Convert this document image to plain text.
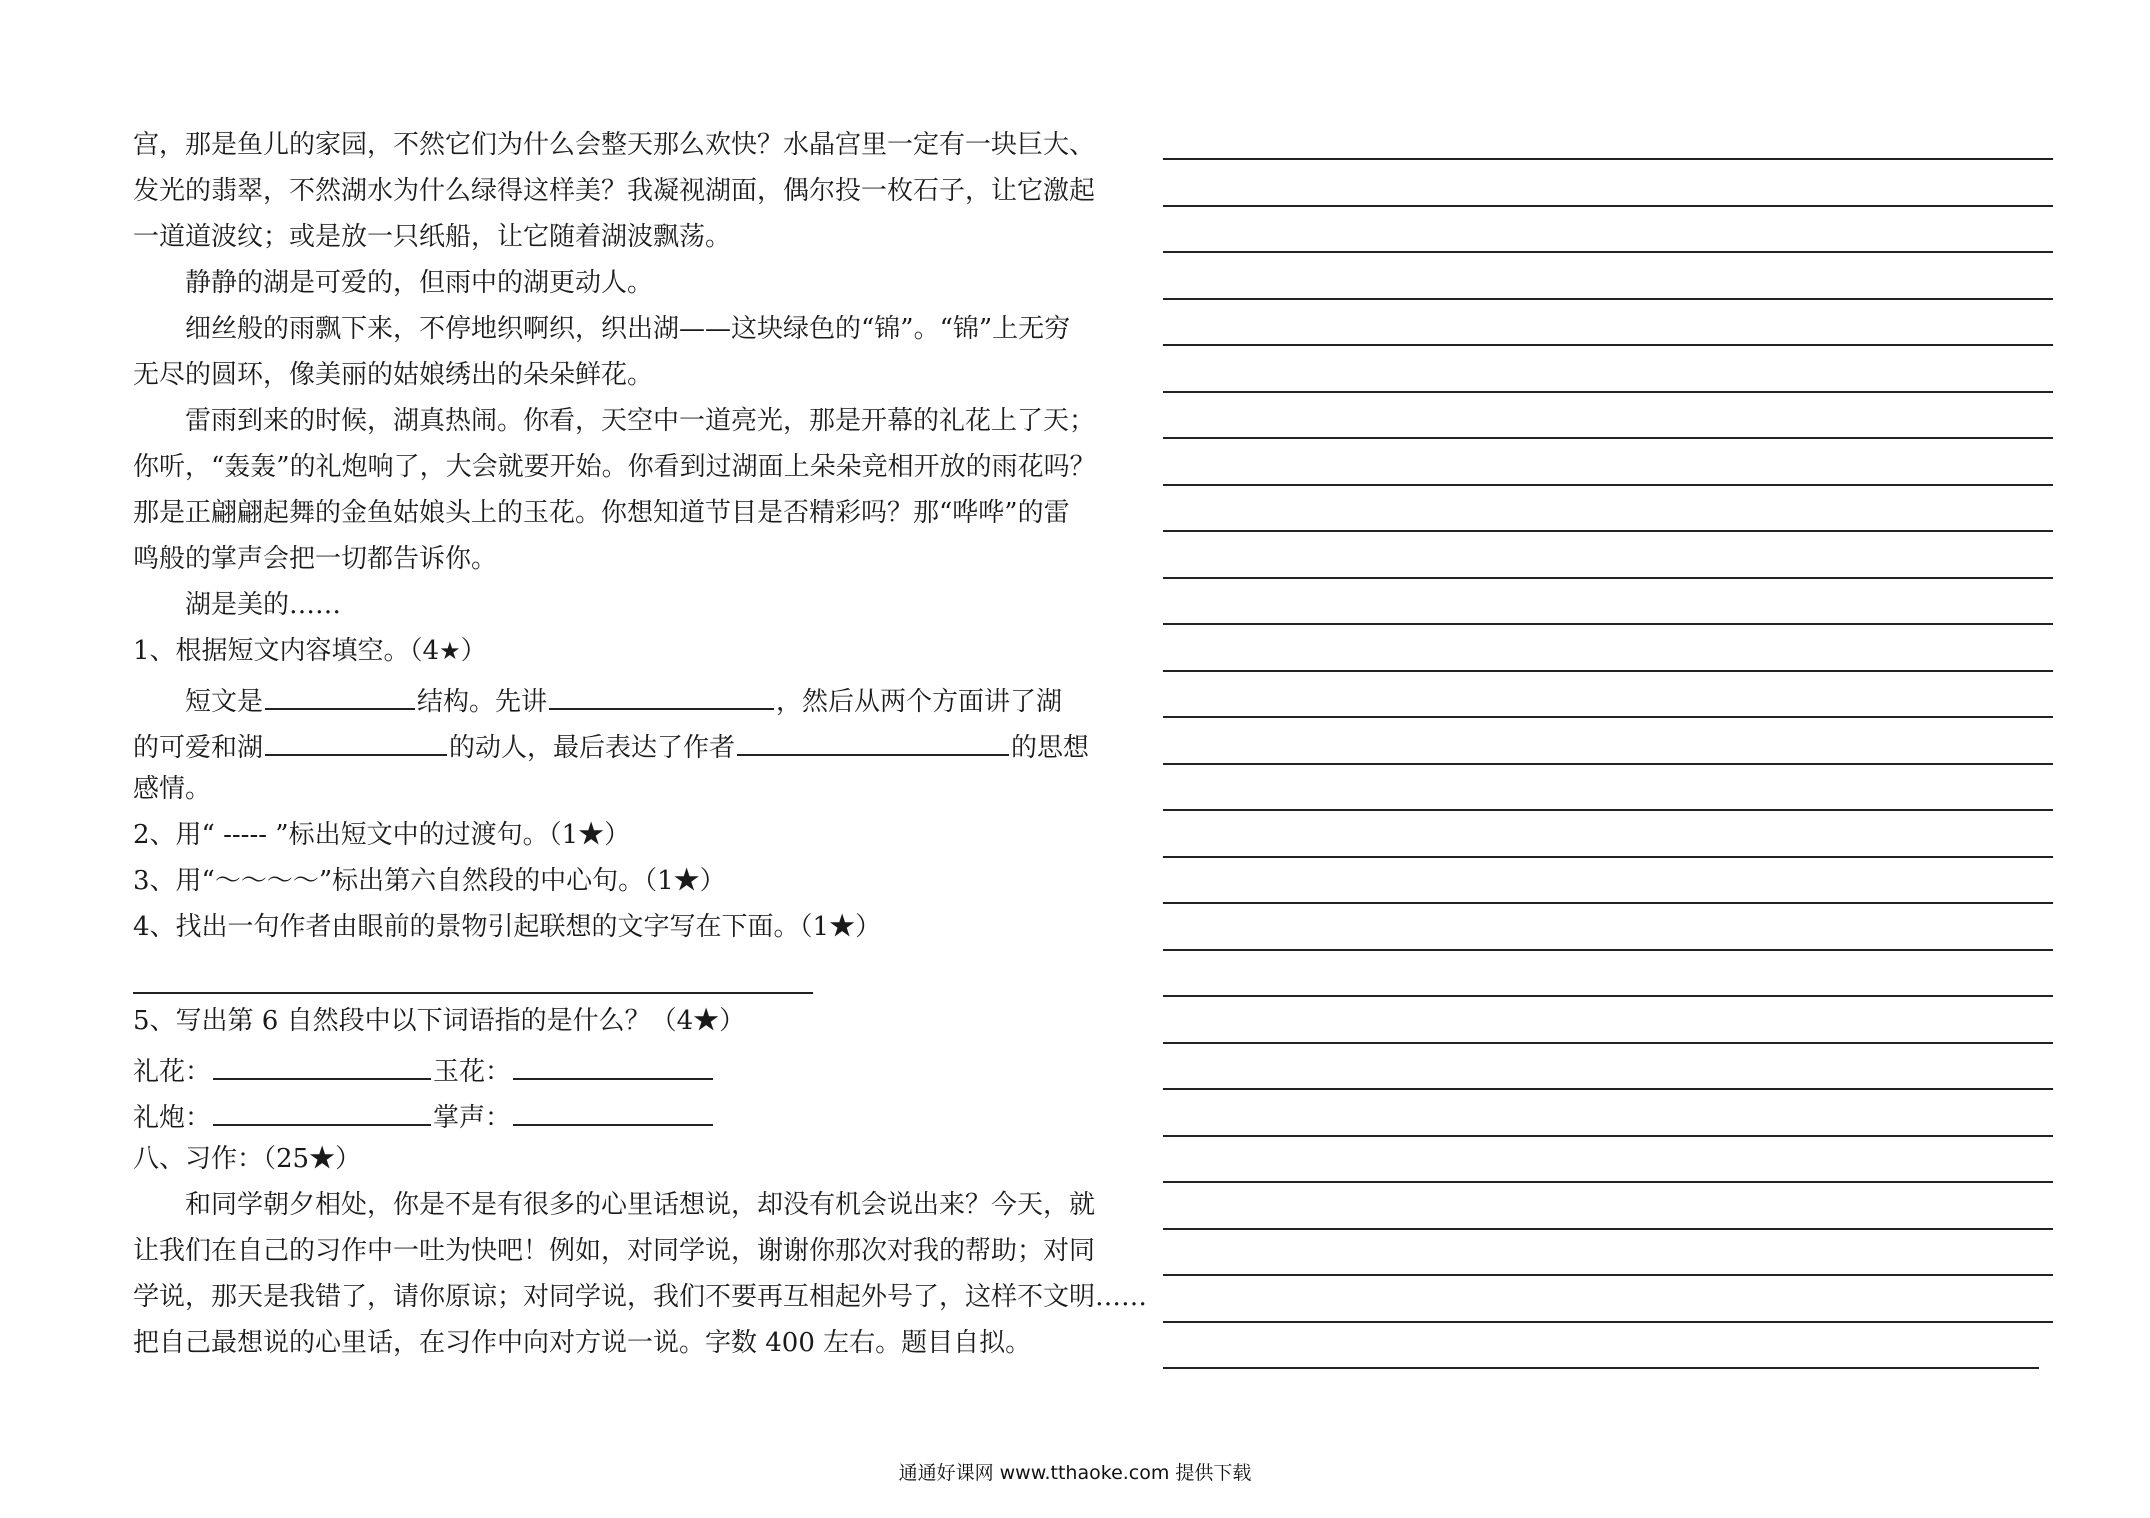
宫，那是鱼儿的家园，不然它们为什么会整天那么欢快？水晶宫里一定有一块巨大、
发光的翡翠，不然湖水为什么绿得这样美？我凝视湖面，偶尔投一枚石子，让它激起
一道道波纹；或是放一只纸船，让它随着湖波飘荡。
静静的湖是可爱的，但雨中的湖更动人。
细丝般的雨飘下来，不停地织啊织，织出湖——这块绿色的“锦”。“锦”上无穷
无尽的圆环，像美丽的姑娘绣出的朵朵鲜花。
雷雨到来的时候，湖真热闹。你看，天空中一道亮光，那是开幕的礼花上了天；
你听，“轰轰”的礼炮响了，大会就要开始。你看到过湖面上朵朵竞相开放的雨花吗？
那是正翩翩起舞的金鱼姑娘头上的玉花。你想知道节目是否精彩吗？那“哗哗”的雷
鸣般的掌声会把一切都告诉你。
湖是美的……
1、根据短文内容填空。（4★）
短文是	结构。先讲	，然后从两个方面讲了湖
的可爱和湖	的动人，最后表达了作者	的思想
感情。
2、用“ ----- ”标出短文中的过渡句。（1★）
3、用“～～～～”标出第六自然段的中心句。（1★）
4、找出一句作者由眼前的景物引起联想的文字写在下面。（1★）
5、写出第 6 自然段中以下词语指的是什么？（4★）
礼花：	玉花：
礼炮：	掌声：
八、习作：（25★）
和同学朝夕相处，你是不是有很多的心里话想说，却没有机会说出来？今天，就
让我们在自己的习作中一吐为快吧！例如，对同学说，谢谢你那次对我的帮助；对同
学说，那天是我错了，请你原谅；对同学说，我们不要再互相起外号了，这样不文明……
把自己最想说的心里话，在习作中向对方说一说。字数 400 左右。题目自拟。
通通好课网 www.tthaoke.com 提供下载
